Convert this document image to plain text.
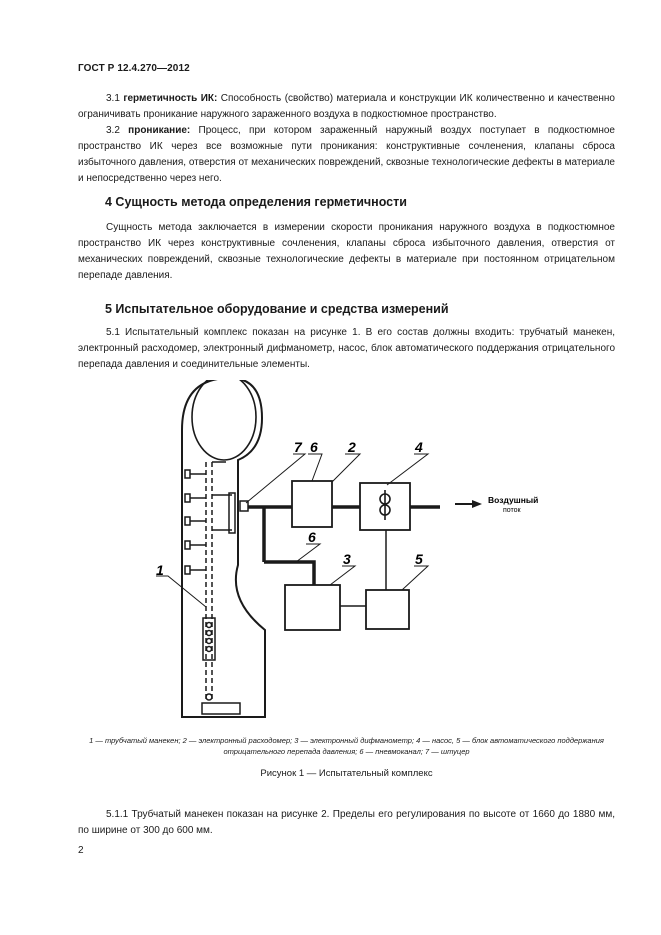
ГОСТ Р 12.4.270—2012
3.1 герметичность ИК: Способность (свойство) материала и конструкции ИК количественно и качественно ограничивать проникание наружного зараженного воздуха в подкостюмное пространство.
3.2 проникание: Процесс, при котором зараженный наружный воздух поступает в подкостюмное пространство ИК через все возможные пути проникания: конструктивные сочленения, клапаны сброса избыточного давления, отверстия от механических повреждений, сквозные технологические дефекты в материале и непосредственно через него.
4 Сущность метода определения герметичности
Сущность метода заключается в измерении скорости проникания наружного воздуха в подкостюмное пространство ИК через конструктивные сочленения, клапаны сброса избыточного давления, отверстия от механических повреждений, сквозные технологические дефекты в материале при постоянном отрицательном перепаде давления.
5 Испытательное оборудование и средства измерений
5.1 Испытательный комплекс показан на рисунке 1. В его состав должны входить: трубчатый манекен, электронный расходомер, электронный дифманометр, насос, блок автоматического поддержания отрицательного перепада давления и соединительные элементы.
1
2
3
4
5
6
6
7
Воздушный
поток
1 — трубчатый манекен; 2 — электронный расходомер; 3 — электронный дифманометр; 4 — насос, 5 — блок автоматического поддержания отрицательного перепада давления; 6 — пневмоканал; 7 — штуцер
Рисунок 1 — Испытательный комплекс
5.1.1 Трубчатый манекен показан на рисунке 2. Пределы его регулирования по высоте от 1660 до 1880 мм, по ширине от 300 до 600 мм.
2
